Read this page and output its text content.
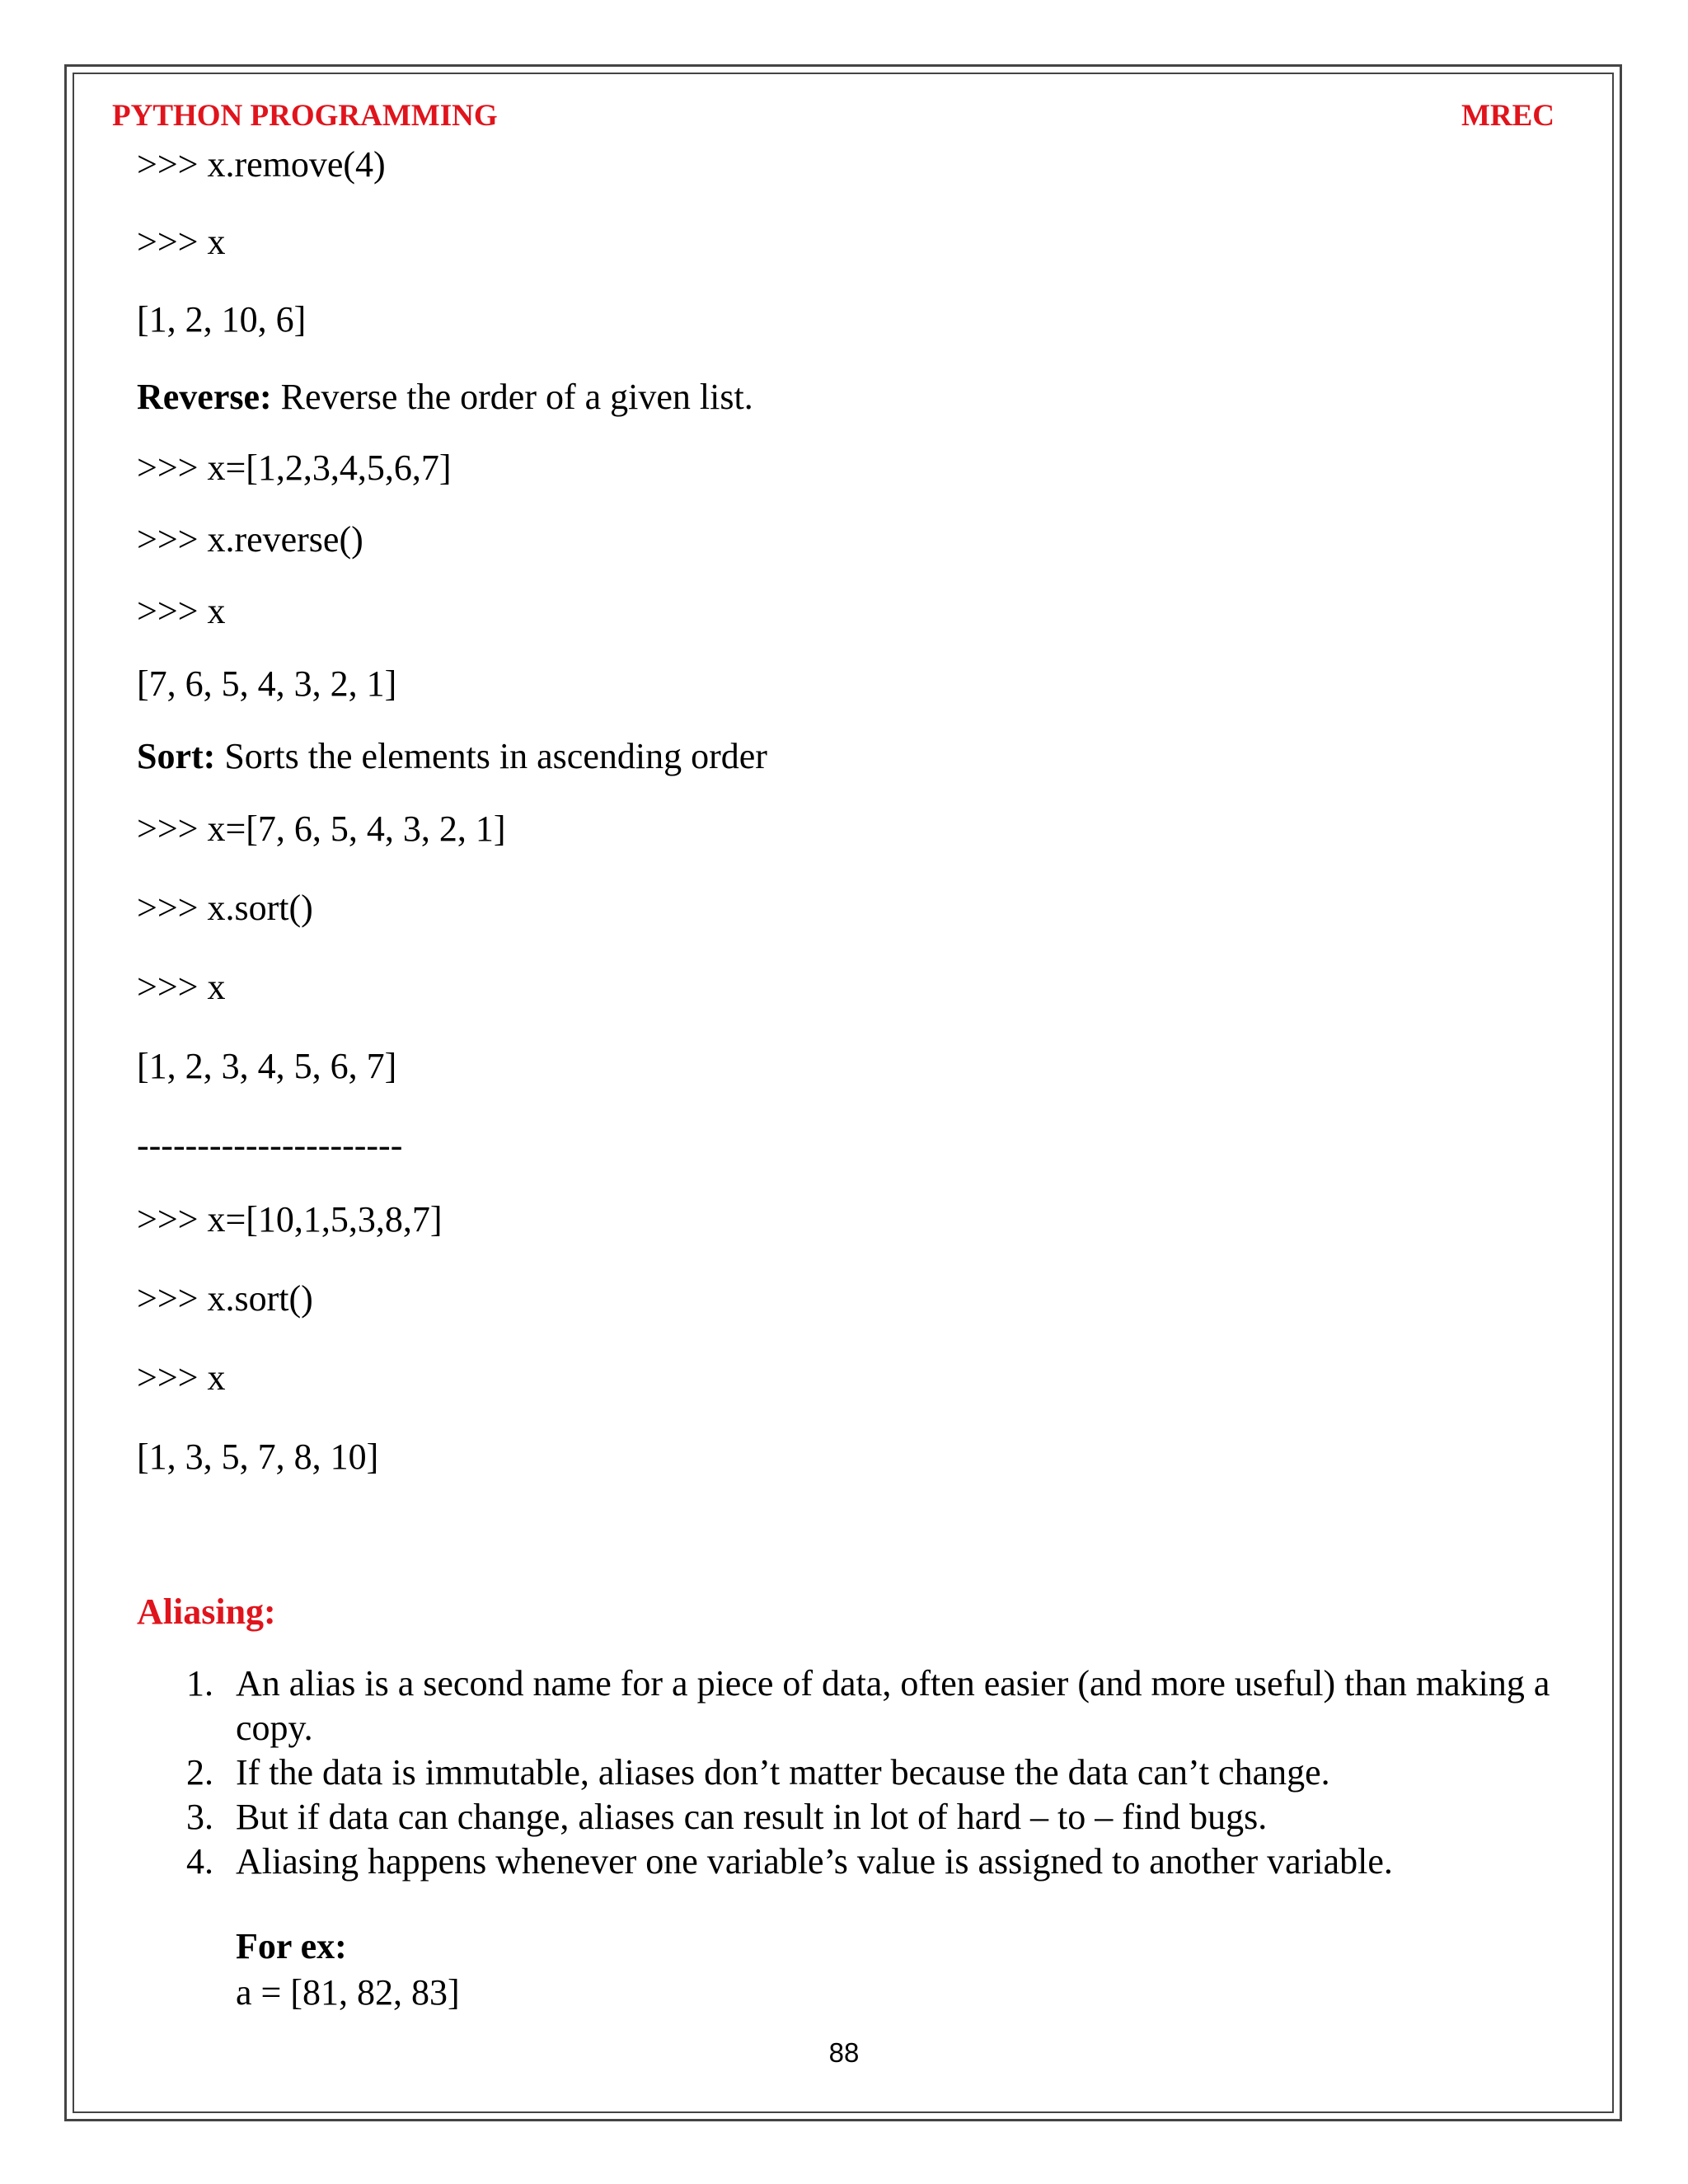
PYTHON PROGRAMMING	MREC
>>> x.remove(4)
>>> x
[1, 2, 10, 6]
Reverse: Reverse the order of a given list.
>>> x=[1,2,3,4,5,6,7]
>>> x.reverse()
>>> x
[7, 6, 5, 4, 3, 2, 1]
Sort: Sorts the elements in ascending order
>>> x=[7, 6, 5, 4, 3, 2, 1]
>>> x.sort()
>>> x
[1, 2, 3, 4, 5, 6, 7]
----------------------
>>> x=[10,1,5,3,8,7]
>>> x.sort()
>>> x
[1, 3, 5, 7, 8, 10]
Aliasing:
1. An alias is a second name for a piece of data, often easier (and more useful) than making a copy.
2. If the data is immutable, aliases don’t matter because the data can’t change.
3. But if data can change, aliases can result in lot of hard – to – find bugs.
4. Aliasing happens whenever one variable’s value is assigned to another variable.
For ex:
a = [81, 82, 83]
88
